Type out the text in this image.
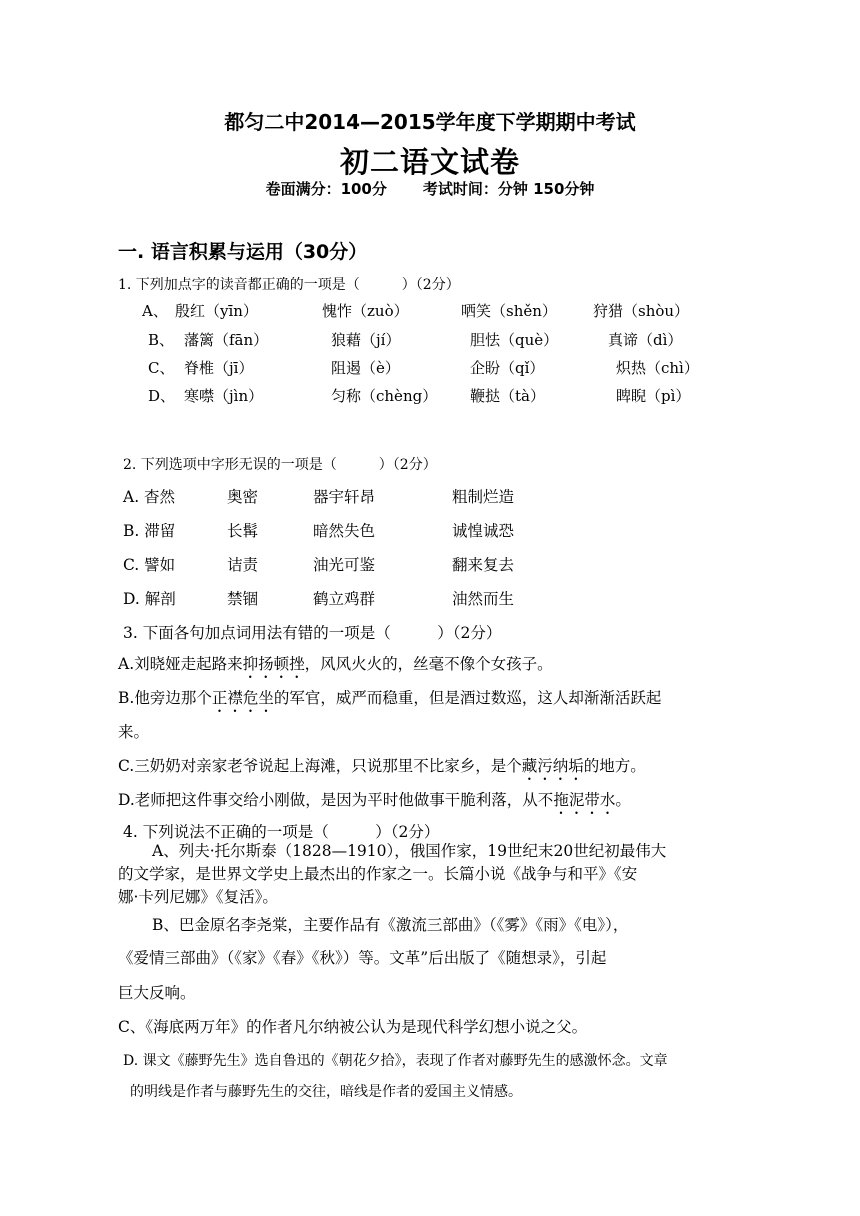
都匀二中2014—2015学年度下学期期中考试
初二语文试卷
卷面满分：100分 考试时间：分钟 150分钟
一. 语言积累与运用（30分）
1. 下列加点字的读音都正确的一项是（　　　）（2分）
A、 殷红（yīn）	愧怍（zuò）	哂笑（shěn） 狩猎（shòu）
B、 藩篱（fān）	狼藉（jí）	胆怯（què）	真谛（dì）
C、 脊椎（jī）	阻遏（è）	企盼（qǐ）	炽热（chì）
D、 寒噤（jìn）	匀称（chèng） 鞭挞（tà）	睥睨（pì）
2. 下列选项中字形无误的一项是（　　　）（2分）
A. 杳然	奥密	器宇轩昂	粗制烂造
B. 滞留	长髯	暗然失色	诚惶诚恐
C. 譬如	诘责	油光可鉴	翻来复去
D. 解剖	禁锢	鹤立鸡群	油然而生
3. 下面各句加点词用法有错的一项是（　　　）（2分）
A.刘晓娅走起路来抑扬顿挫，风风火火的，丝毫不像个女孩子。
B.他旁边那个正襟危坐的军官，威严而稳重，但是酒过数巡，这人却渐渐活跃起
来。
C.三奶奶对亲家老爷说起上海滩，只说那里不比家乡，是个藏污纳垢的地方。
D.老师把这件事交给小刚做，是因为平时他做事干脆利落，从不拖泥带水。
4. 下列说法不正确的一项是（　　　）（2分）
A、列夫·托尔斯泰（1828—1910），俄国作家，19世纪末20世纪初最伟大
的文学家，是世界文学史上最杰出的作家之一。长篇小说《战争与和平》《安
娜·卡列尼娜》《复活》。
B、巴金原名李尧棠，主要作品有《激流三部曲》（《雾》《雨》《电》），
《爱情三部曲》（《家》《春》《秋》）等。文革”后出版了《随想录》，引起
巨大反响。
C、《海底两万年》的作者凡尔纳被公认为是现代科学幻想小说之父。
D. 课文《藤野先生》选自鲁迅的《朝花夕拾》，表现了作者对藤野先生的感激怀念。文章
的明线是作者与藤野先生的交往，暗线是作者的爱国主义情感。
